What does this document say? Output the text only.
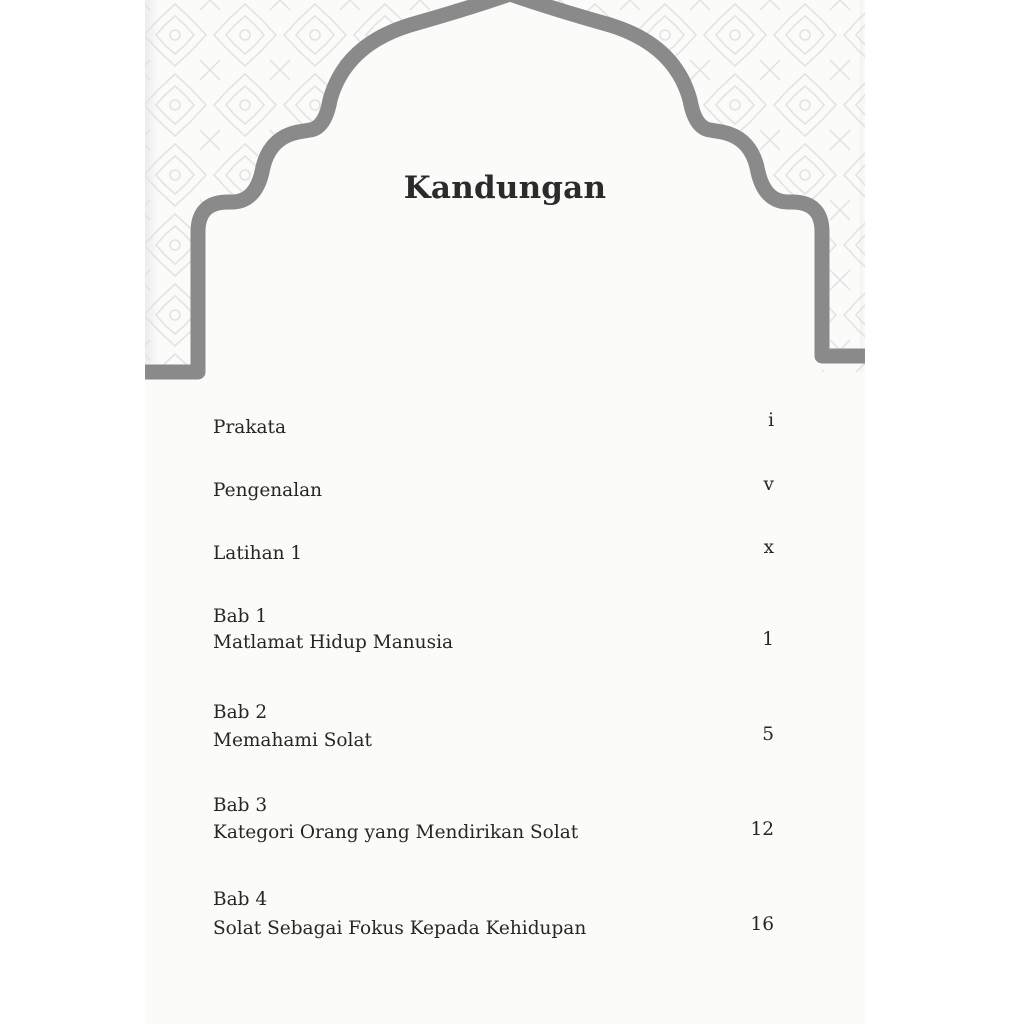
Kandungan
Prakata	i
Pengenalan	v
Latihan 1	x
Bab 1
Matlamat Hidup Manusia	1
Bab 2
Memahami Solat	5
Bab 3
Kategori Orang yang Mendirikan Solat	12
Bab 4
Solat Sebagai Fokus Kepada Kehidupan	16
